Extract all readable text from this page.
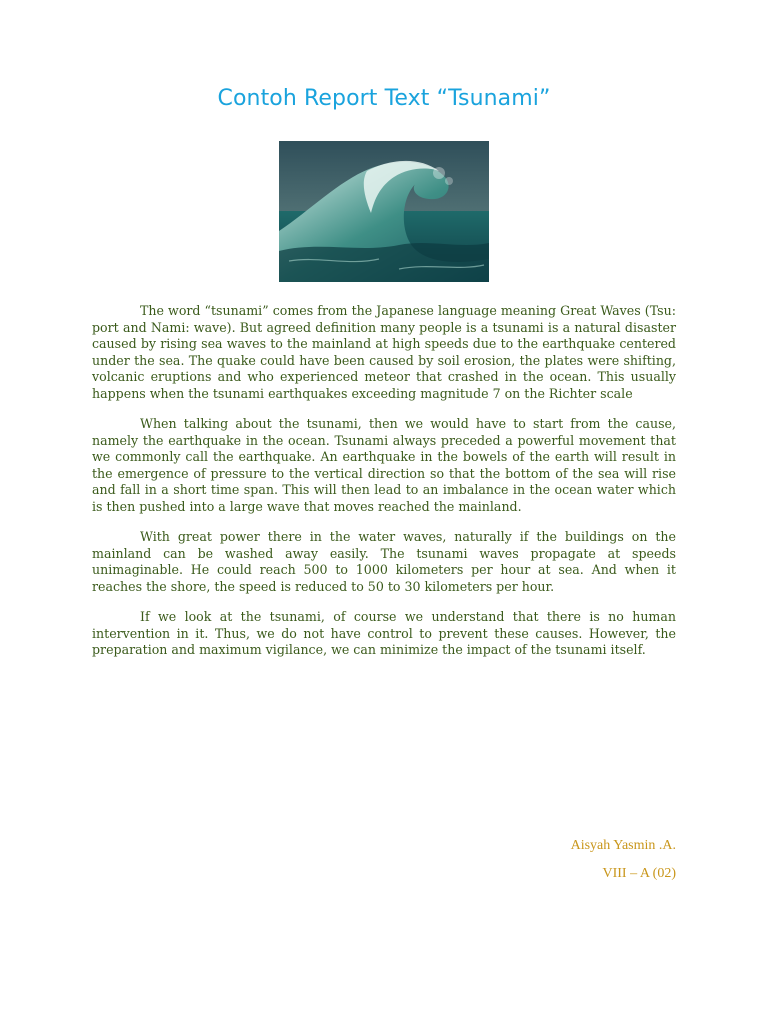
Contoh Report Text “Tsunami”

The word “tsunami” comes from the Japanese language meaning Great Waves (Tsu: port and Nami: wave). But agreed definition many people is a tsunami is a natural disaster caused by rising sea waves to the mainland at high speeds due to the earthquake centered under the sea. The quake could have been caused by soil erosion, the plates were shifting, volcanic eruptions and who experienced meteor that crashed in the ocean. This usually happens when the tsunami earthquakes exceeding magnitude 7 on the Richter scale

When talking about the tsunami, then we would have to start from the cause, namely the earthquake in the ocean. Tsunami always preceded a powerful movement that we commonly call the earthquake. An earthquake in the bowels of the earth will result in the emergence of pressure to the vertical direction so that the bottom of the sea will rise and fall in a short time span. This will then lead to an imbalance in the ocean water which is then pushed into a large wave that moves reached the mainland.

With great power there in the water waves, naturally if the buildings on the mainland can be washed away easily. The tsunami waves propagate at speeds unimaginable. He could reach 500 to 1000 kilometers per hour at sea. And when it reaches the shore, the speed is reduced to 50 to 30 kilometers per hour.

If we look at the tsunami, of course we understand that there is no human intervention in it. Thus, we do not have control to prevent these causes. However, the preparation and maximum vigilance, we can minimize the impact of the tsunami itself.

Aisyah Yasmin .A.
VIII – A (02)
